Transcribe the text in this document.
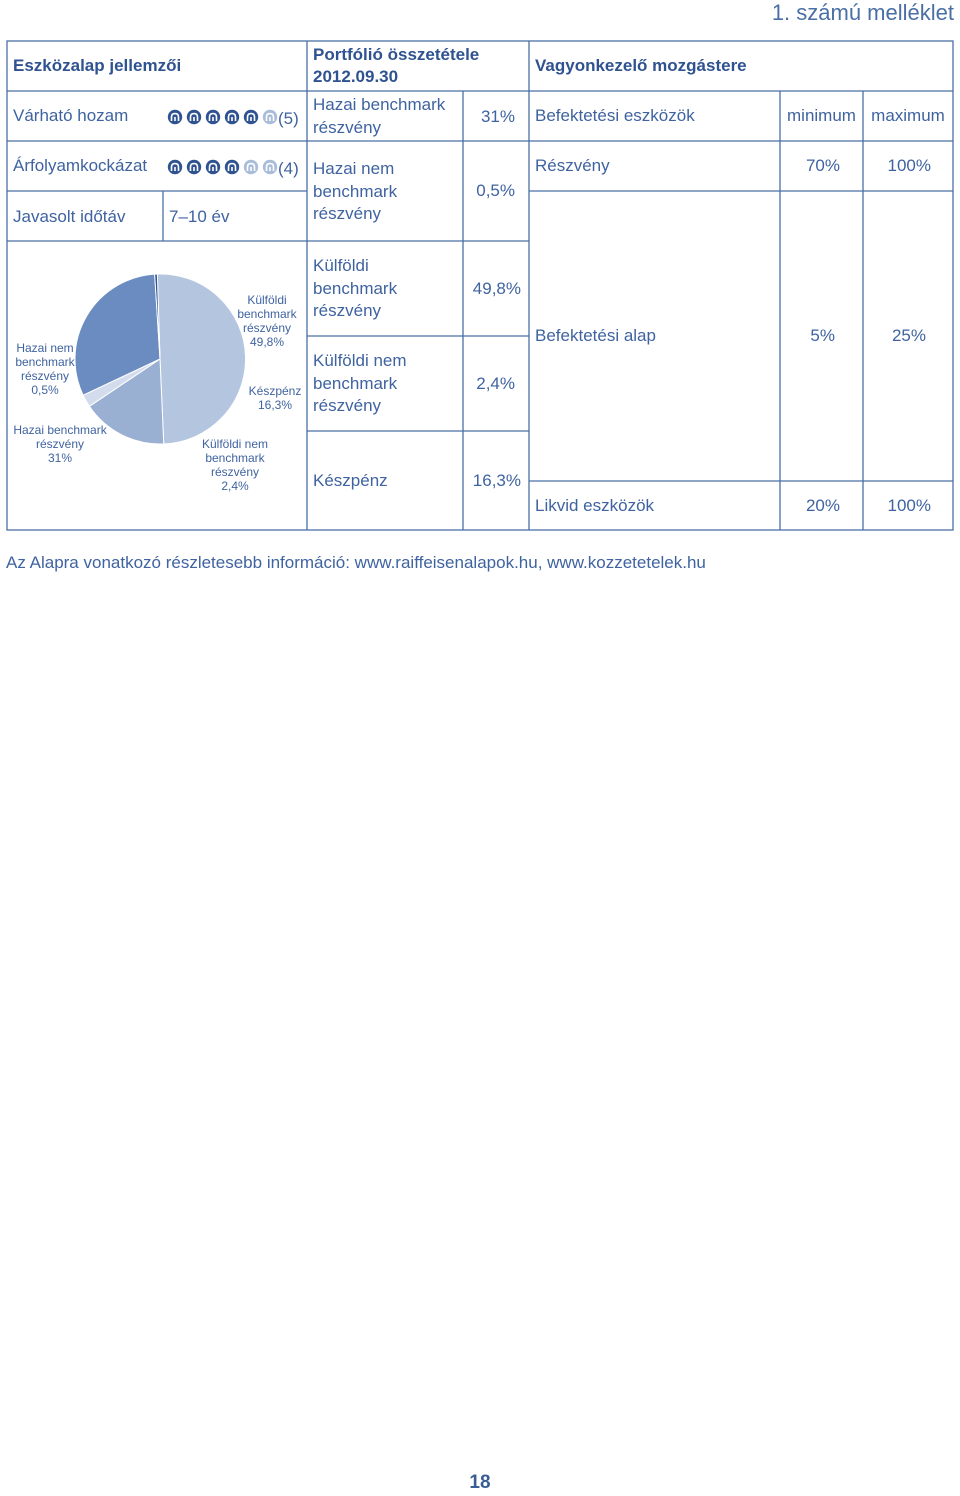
1. számú melléklet
Eszközalap jellemzői
Várható hozam	(5)
Árfolyamkockázat	(4)
Javasolt időtáv	7–10 év
Külföldi
benchmark
részvény
49,8%
Készpénz
16,3%
Külföldi nem
benchmark
részvény
2,4%
Hazai benchmark
részvény
31%
Hazai nem
benchmark
részvény
0,5%
Portfólió összetétele
2012.09.30
Hazai benchmark
részvény
31%
Hazai nem
benchmark
részvény
0,5%
Külföldi
benchmark
részvény
49,8%
Külföldi nem
benchmark
részvény
2,4%
Készpénz	16,3%
Vagyonkezelő mozgástere
Befektetési eszközök	minimum maximum
Részvény	70%	100%
Befektetési alap	5%	25%
Likvid eszközök	20%	100%
Az Alapra vonatkozó részletesebb információ: www.raiffeisenalapok.hu, www.kozzetetelek.hu
18
